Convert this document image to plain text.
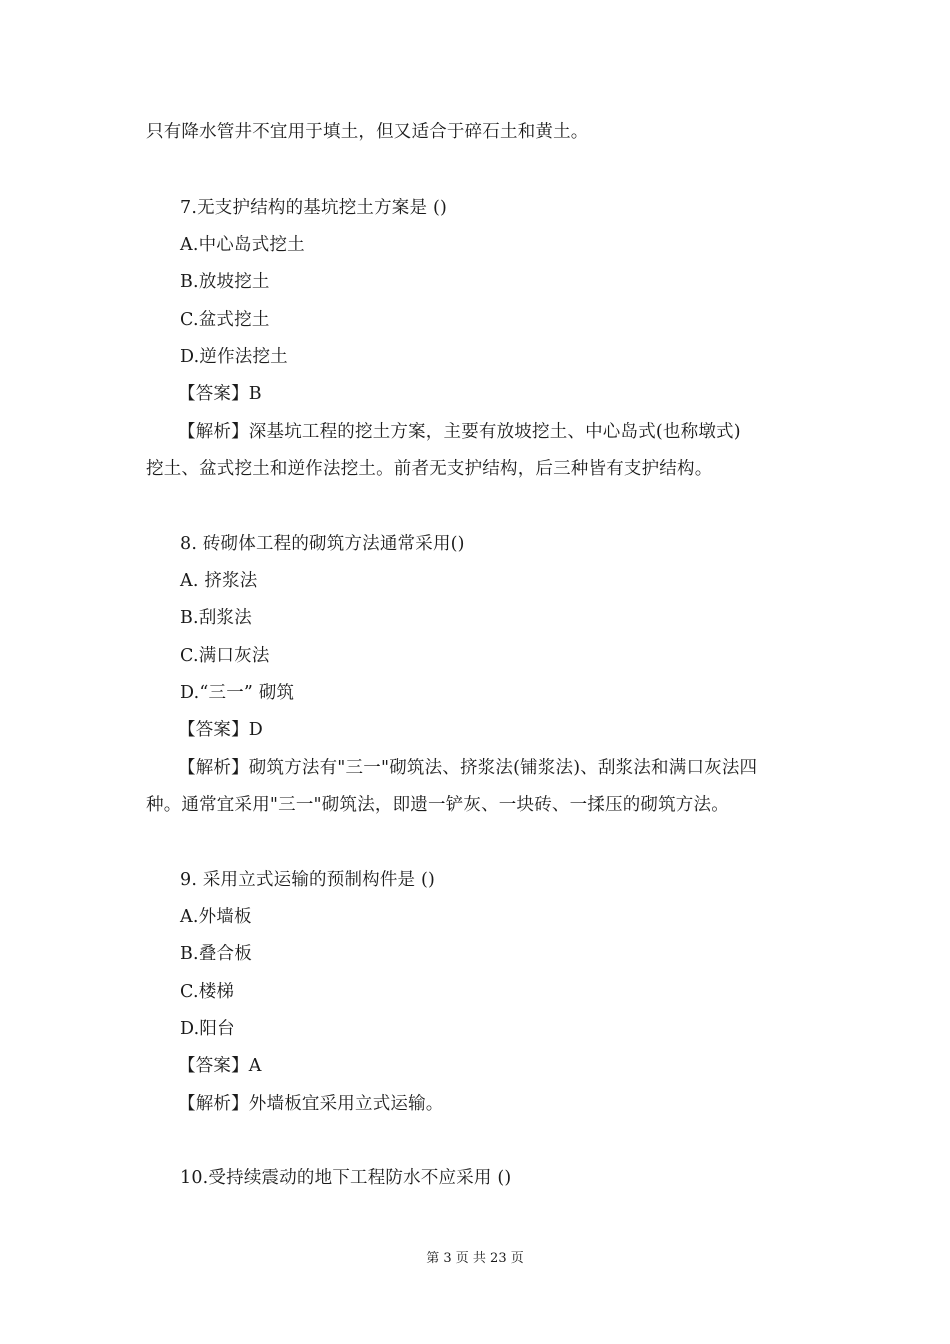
只有降水管井不宜用于填土，但又适合于碎石土和黄土。
7.无支护结构的基坑挖土方案是 ()
A.中心岛式挖土
B.放坡挖土
C.盆式挖土
D.逆作法挖土
【答案】B
【解析】深基坑工程的挖土方案，主要有放坡挖土、中心岛式(也称墩式)
挖土、盆式挖土和逆作法挖土。前者无支护结构，后三种皆有支护结构。
8. 砖砌体工程的砌筑方法通常采用()
A. 挤浆法
B.刮浆法
C.满口灰法
D.“三一” 砌筑
【答案】D
【解析】砌筑方法有"三一"砌筑法、挤浆法(铺浆法)、刮浆法和满口灰法四
种。通常宜采用"三一"砌筑法，即遗一铲灰、一块砖、一揉压的砌筑方法。
9. 采用立式运输的预制构件是 ()
A.外墙板
B.叠合板
C.楼梯
D.阳台
【答案】A
【解析】外墙板宜采用立式运输。
10.受持续震动的地下工程防水不应采用 ()
第 3 页 共 23 页
